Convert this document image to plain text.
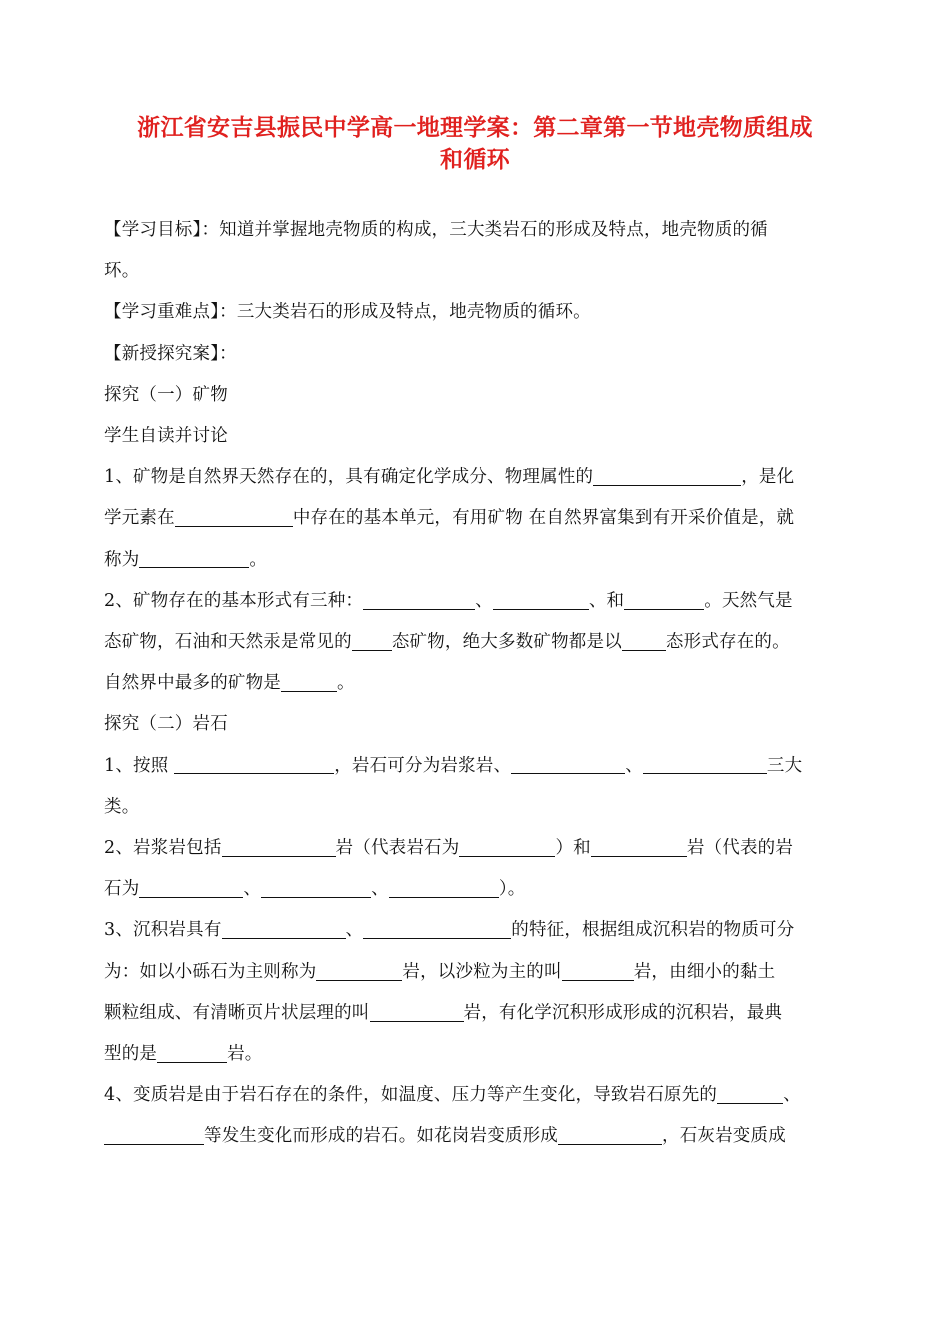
浙江省安吉县振民中学高一地理学案：第二章第一节地壳物质组成
和循环

【学习目标】：知道并掌握地壳物质的构成，三大类岩石的形成及特点，地壳物质的循

环。

【学习重难点】：三大类岩石的形成及特点，地壳物质的循环。

【新授探究案】：

探究（一）矿物

学生自读并讨论

1、矿物是自然界天然存在的，具有确定化学成分、物理属性的	，是化

学元素在	中存在的基本单元，有用矿物 在自然界富集到有开采价值是，就

称为	。

2、矿物存在的基本形式有三种：	、	、和	。天然气是

态矿物，石油和天然汞是常见的 态矿物，绝大多数矿物都是以	态形式存在的。

自然界中最多的矿物是	。

探究（二）岩石

1、按照	，岩石可分为岩浆岩、	、	三大

类。

2、岩浆岩包括	岩（代表岩石为	）和	岩（代表的岩

石为	、	、	）。

3、沉积岩具有	、	的特征，根据组成沉积岩的物质可分

为：如以小砾石为主则称为	岩，以沙粒为主的叫	岩，由细小的黏土

颗粒组成、有清晰页片状层理的叫	岩，有化学沉积形成形成的沉积岩，最典

型的是	岩。

4、变质岩是由于岩石存在的条件，如温度、压力等产生变化，导致岩石原先的	、

等发生变化而形成的岩石。如花岗岩变质形成	，石灰岩变质成
